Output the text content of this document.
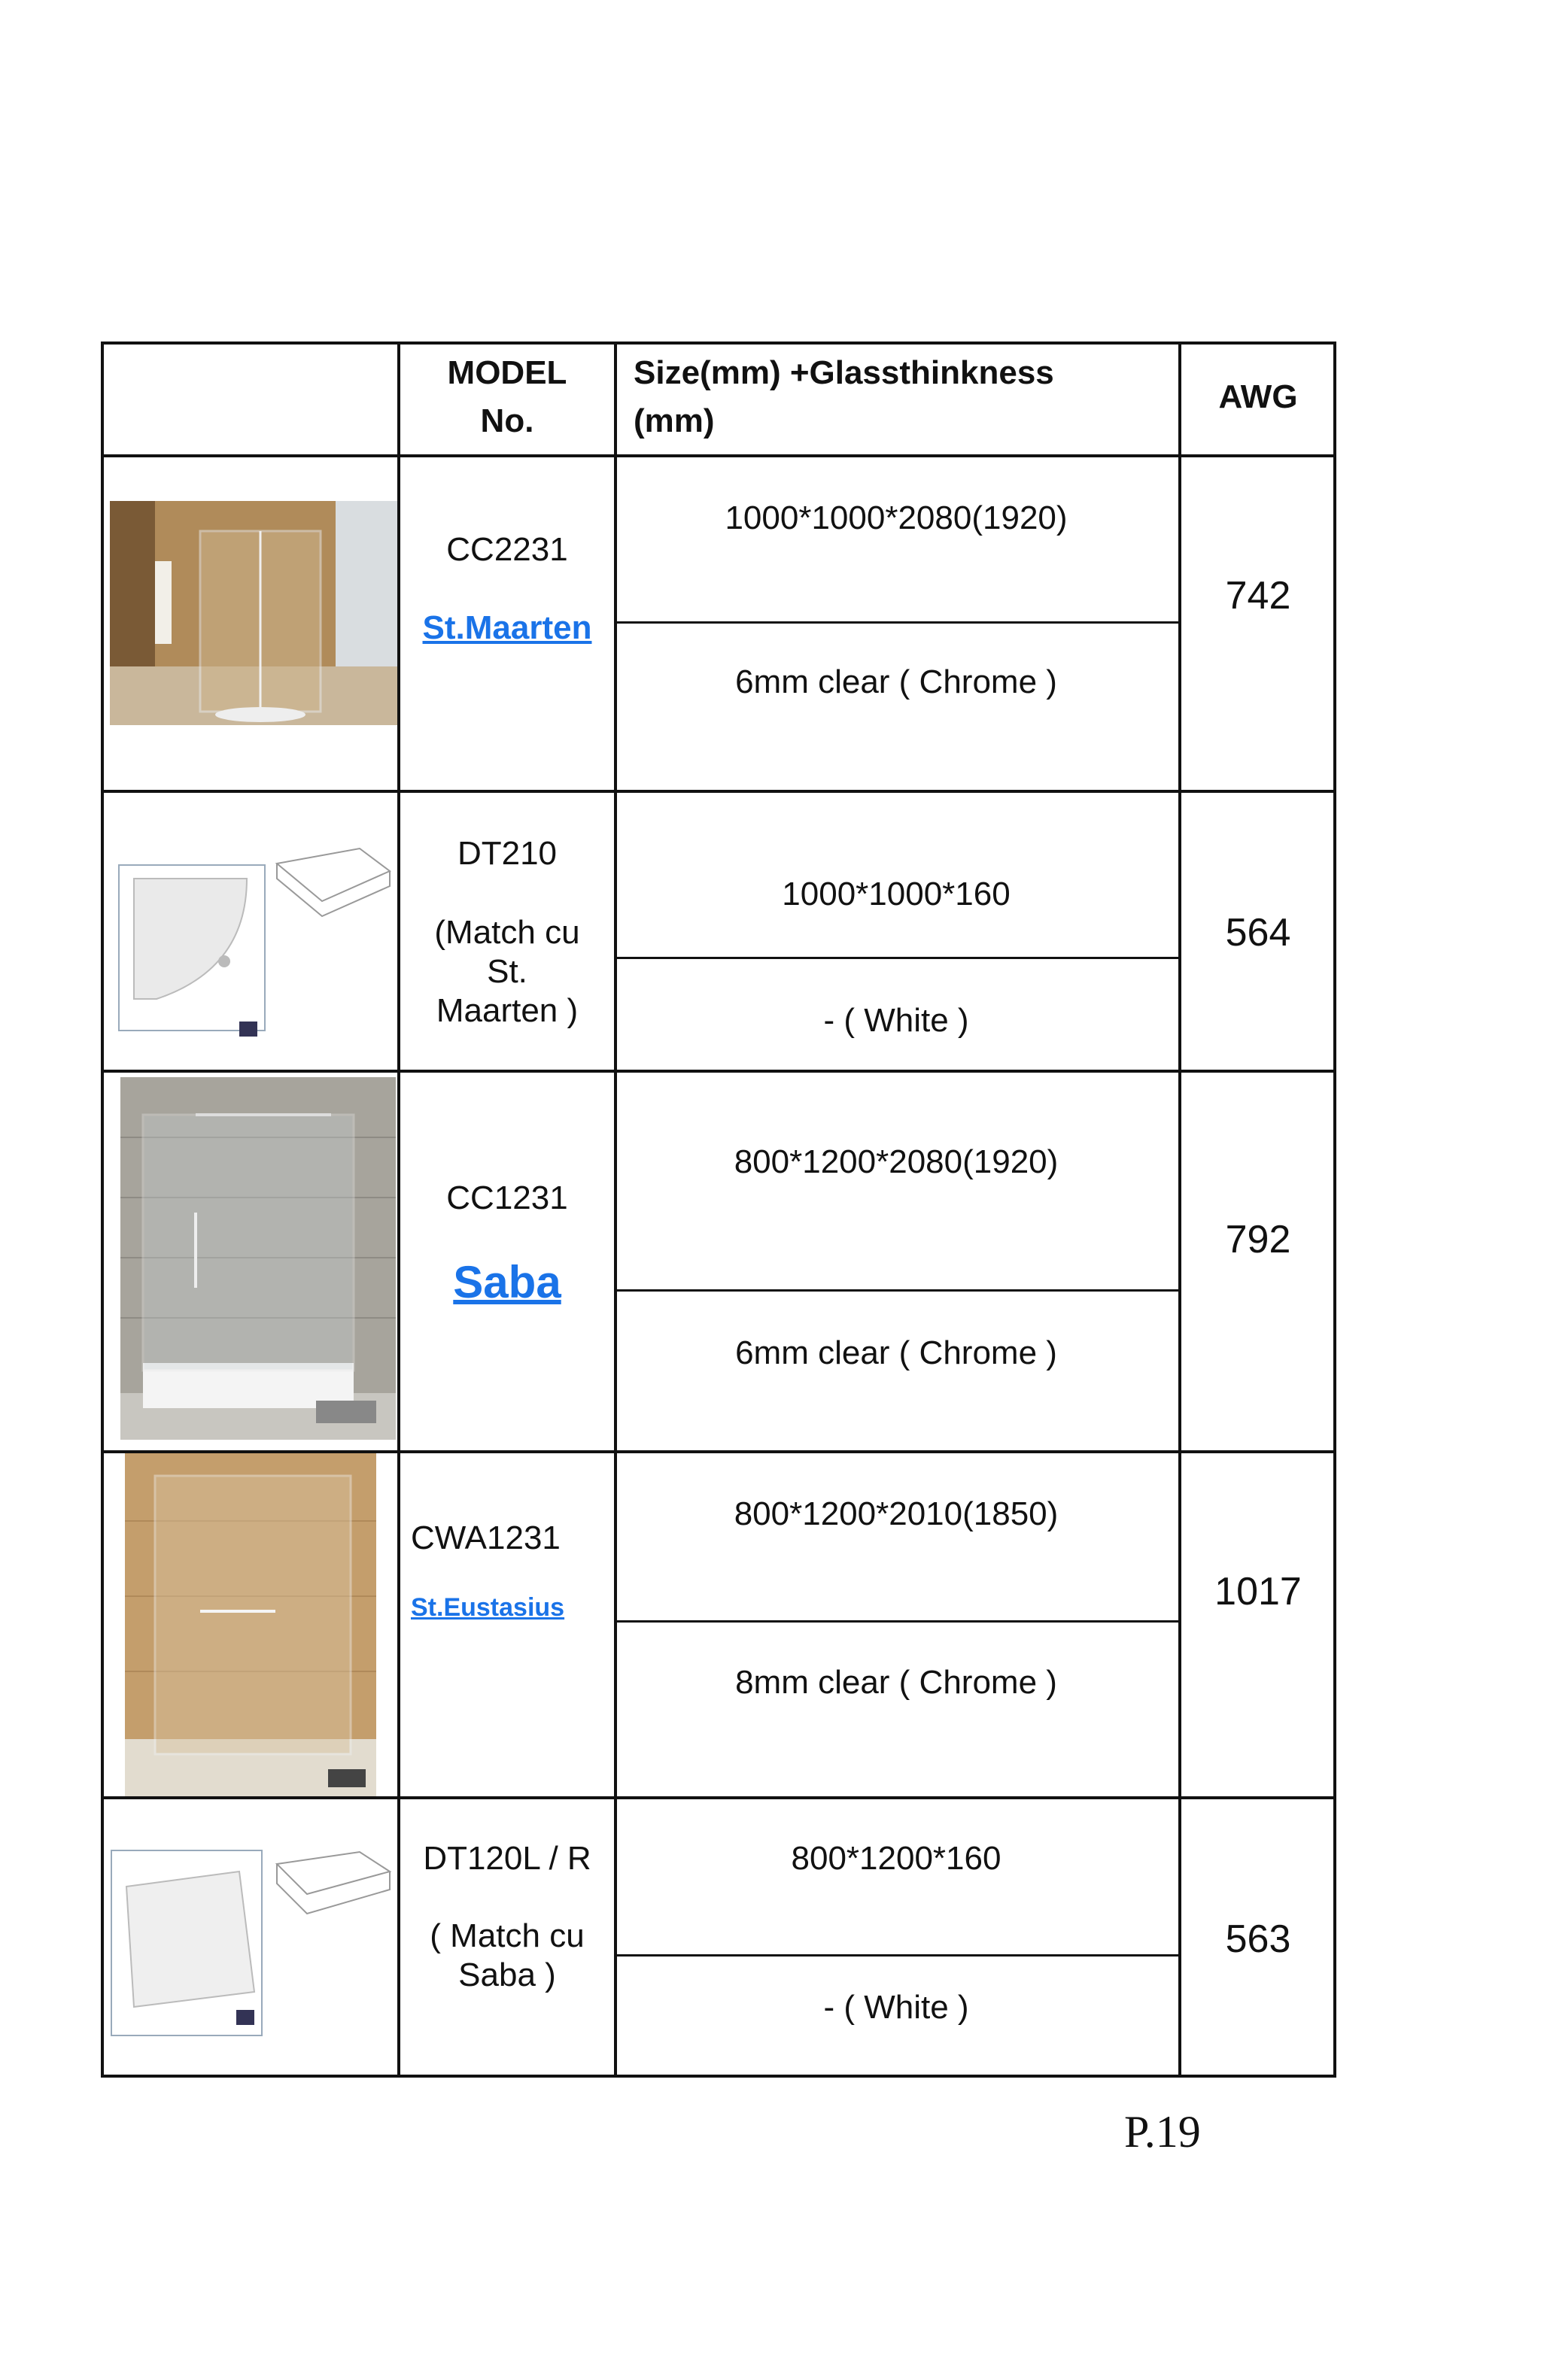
MODEL
No.
Size(mm) +Glassthinkness
(mm)
AWG
CC2231
St.Maarten
1000*1000*2080(1920)
6mm clear ( Chrome )
742
DT210
(Match cu
St.
Maarten )
1000*1000*160
- ( White )
564
CC1231
Saba
800*1200*2080(1920)
6mm clear ( Chrome )
792
CWA1231
St.Eustasius
800*1200*2010(1850)
8mm clear ( Chrome )
1017
DT120L / R
( Match cu
Saba )
800*1200*160
- ( White )
563
P.19
